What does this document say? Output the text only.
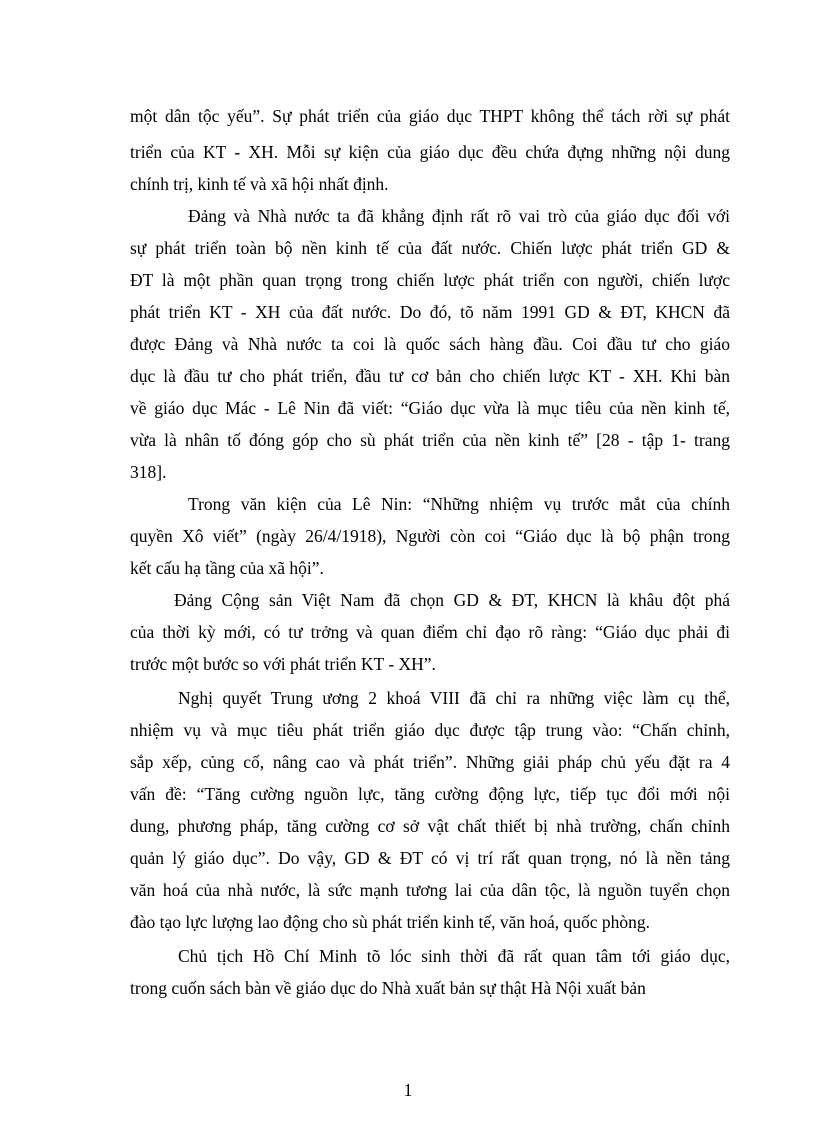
một dân tộc yếu”. Sự phát triển của giáo dục THPT không thể tách rời sự phát
triển của KT - XH. Mỗi sự kiện của giáo dục đều chứa đựng những nội dung
chính trị, kinh tế và xã hội nhất định.
Đảng và Nhà nước ta đã khẳng định rất rõ vai trò của giáo dục đối với
sự phát triển toàn bộ nền kinh tế của đất nước. Chiến lược phát triển GD &
ĐT là một phần quan trọng trong chiến lược phát triển con người, chiến lược
phát triển KT - XH của đất nước. Do đó, tõ năm 1991 GD & ĐT, KHCN đã
được Đảng và Nhà nước ta coi là quốc sách hàng đầu. Coi đầu tư cho giáo
dục là đầu tư cho phát triển, đầu tư cơ bản cho chiến lược KT - XH. Khi bàn
về giáo dục Mác - Lê Nin đã viết: “Giáo dục vừa là mục tiêu của nền kinh tế,
vừa là nhân tố đóng góp cho sù phát triển của nền kinh tế” [28 - tập 1- trang
318].
Trong văn kiện của Lê Nin: “Những nhiệm vụ trước mắt của chính
quyền Xô viết” (ngày 26/4/1918), Người còn coi “Giáo dục là bộ phận trong
kết cấu hạ tầng của xã hội”.
Đảng Cộng sản Việt Nam đã chọn GD & ĐT, KHCN là khâu đột phá
của thời kỳ mới, có tư trởng và quan điểm chỉ đạo rõ ràng: “Giáo dục phải đi
trước một bước so với phát triển KT - XH”.
Nghị quyết Trung ương 2 khoá VIII đã chỉ ra những việc làm cụ thể,
nhiệm vụ và mục tiêu phát triển giáo dục được tập trung vào: “Chấn chỉnh,
sắp xếp, củng cố, nâng cao và phát triển”. Những giải pháp chủ yếu đặt ra 4
vấn đề: “Tăng cường nguồn lực, tăng cường động lực, tiếp tục đổi mới nội
dung, phương pháp, tăng cường cơ sở vật chất thiết bị nhà trường, chấn chỉnh
quản lý giáo dục”. Do vậy, GD & ĐT có vị trí rất quan trọng, nó là nền tảng
văn hoá của nhà nước, là sức mạnh tương lai của dân tộc, là nguồn tuyển chọn
đào tạo lực lượng lao động cho sù phát triển kinh tế, văn hoá, quốc phòng.
Chủ tịch Hồ Chí Minh tõ lóc sinh thời đã rất quan tâm tới giáo dục,
trong cuốn sách bàn về giáo dục do Nhà xuất bản sự thật Hà Nội xuất bản
1
